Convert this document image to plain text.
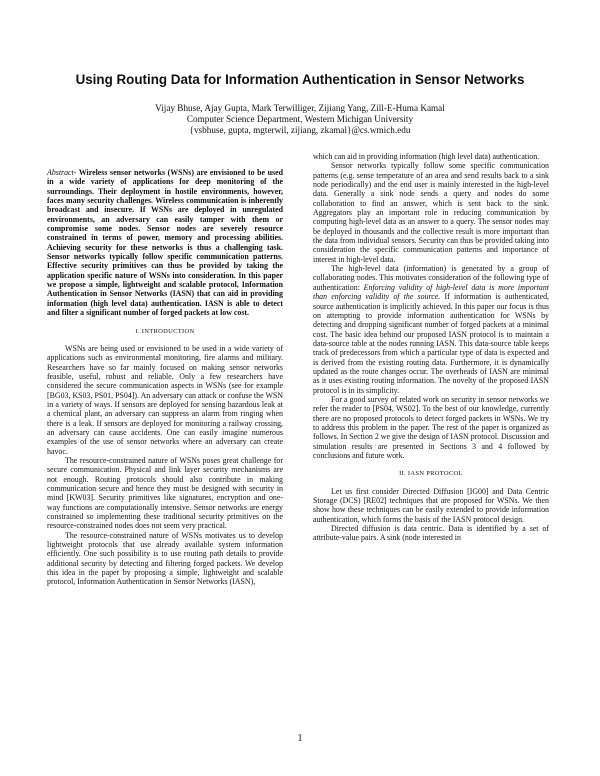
Using Routing Data for Information Authentication in Sensor Networks
Vijay Bhuse, Ajay Gupta, Mark Terwilliger, Zijiang Yang, Zill-E-Huma Kamal
Computer Science Department, Western Michigan University
{vsbhuse, gupta, mgterwil, zijiang, zkamal}@cs.wmich.edu

Abstract- Wireless sensor networks (WSNs) are envisioned to be used in a wide variety of applications for deep monitoring of the surroundings. Their deployment in hostile environments, however, faces many security challenges. Wireless communication is inherently broadcast and insecure. If WSNs are deployed in unregulated environments, an adversary can easily tamper with them or compromise some nodes. Sensor nodes are severely resource constrained in terms of power, memory and processing abilities. Achieving security for these networks is thus a challenging task. Sensor networks typically follow specific communication patterns. Effective security primitives can thus be provided by taking the application specific nature of WSNs into consideration. In this paper we propose a simple, lightweight and scalable protocol, Information Authentication in Sensor Networks (IASN) that can aid in providing information (high level data) authentication. IASN is able to detect and filter a significant number of forged packets at low cost.

I. INTRODUCTION

WSNs are being used or envisioned to be used in a wide variety of applications such as environmental monitoring, fire alarms and military. Researchers have so far mainly focused on making sensor networks feasible, useful, robust and reliable. Only a few researchers have considered the secure communication aspects in WSNs (see for example [BG03, KS03, PS01, PS04]). An adversary can attack or confuse the WSN in a variety of ways. If sensors are deployed for sensing hazardous leak at a chemical plant, an adversary can suppress an alarm from ringing when there is a leak. If sensors are deployed for monitoring a railway crossing, an adversary can cause accidents. One can easily imagine numerous examples of the use of sensor networks where an adversary can create havoc.

The resource-constrained nature of WSNs poses great challenge for secure communication. Physical and link layer security mechanisms are not enough. Routing protocols should also contribute in making communication secure and hence they must be designed with security in mind [KW03]. Security primitives like signatures, encryption and one-way functions are computationally intensive. Sensor networks are energy constrained so implementing these traditional security primitives on the resource-constrained nodes does not seem very practical.

The resource-constrained nature of WSNs motivates us to develop lightweight protocols that use already available system information efficiently. One such possibility is to use routing path details to provide additional security by detecting and filtering forged packets. We develop this idea in the paper by proposing a simple, lightweight and scalable protocol, Information Authentication in Sensor Networks (IASN),

which can aid in providing information (high level data) authentication.

Sensor networks typically follow some specific communication patterns (e.g. sense temperature of an area and send results back to a sink node periodically) and the end user is mainly interested in the high-level data. Generally a sink node sends a query and nodes do some collaboration to find an answer, which is sent back to the sink. Aggregators play an important role in reducing communication by computing high-level data as an answer to a query. The sensor nodes may be deployed in thousands and the collective result is more important than the data from individual sensors. Security can thus be provided taking into consideration the specific communication patterns and importance of interest in high-level data.

The high-level data (information) is generated by a group of collaborating nodes. This motivates consideration of the following type of authentication: Enforcing validity of high-level data is more important than enforcing validity of the source. If information is authenticated, source authentication is implicitly achieved. In this paper our focus is thus on attempting to provide information authentication for WSNs by detecting and dropping significant number of forged packets at a minimal cost. The basic idea behind our proposed IASN protocol is to maintain a data-source table at the nodes running IASN. This data-source table keeps track of predecessors from which a particular type of data is expected and is derived from the existing routing data. Furthermore, it is dynamically updated as the route changes occur. The overheads of IASN are minimal as it uses existing routing information. The novelty of the proposed IASN protocol is in its simplicity.

For a good survey of related work on security in sensor networks we refer the reader to [PS04, WS02]. To the best of our knowledge, currently there are no proposed protocols to detect forged packets in WSNs. We try to address this problem in the paper. The rest of the paper is organized as follows. In Section 2 we give the design of IASN protocol. Discussion and simulation results are presented in Sections 3 and 4 followed by conclusions and future work.

II. IASN PROTOCOL

Let us first consider Directed Diffusion [IG00] and Data Centric Storage (DCS) [RE02] techniques that are proposed for WSNs. We then show how these techniques can be easily extended to provide information authentication, which forms the basis of the IASN protocol design.

Directed diffusion is data centric. Data is identified by a set of attribute-value pairs. A sink (node interested in

1
